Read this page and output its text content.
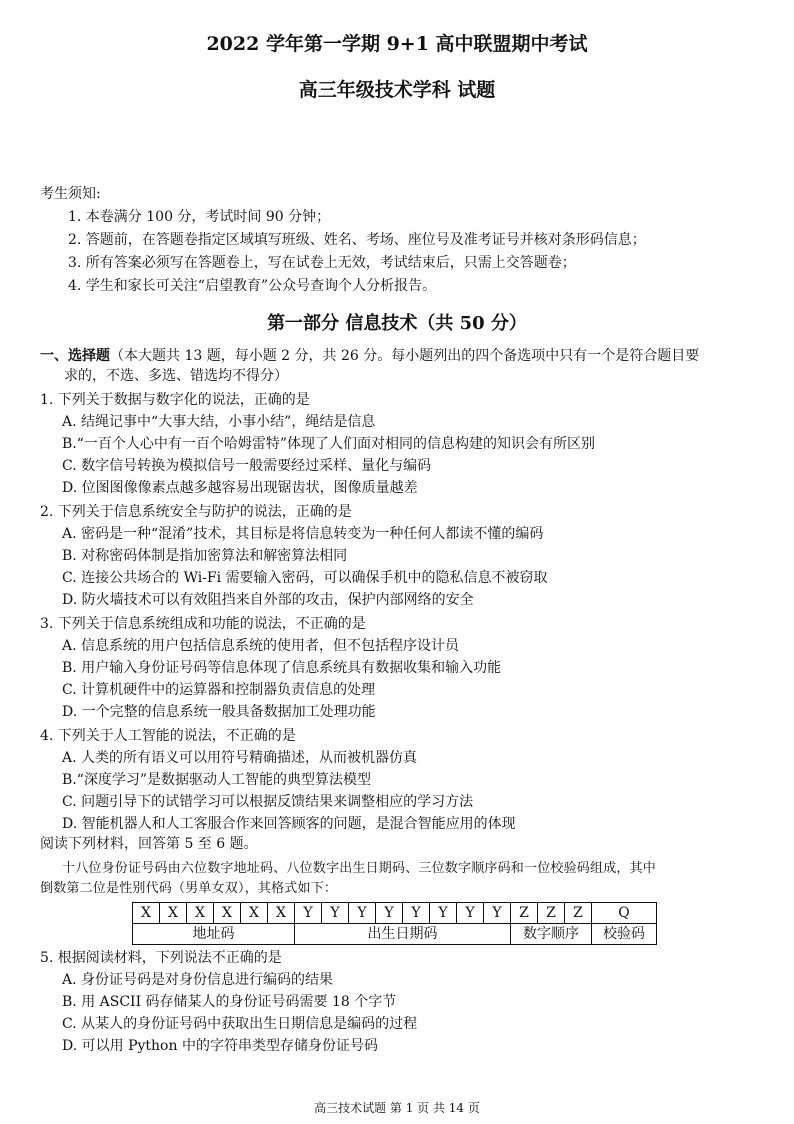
2022 学年第一学期 9+1 高中联盟期中考试
高三年级技术学科 试题

考生须知:

1. 本卷满分 100 分，考试时间 90 分钟；

2. 答题前，在答题卷指定区域填写班级、姓名、考场、座位号及准考证号并核对条形码信息；

3. 所有答案必须写在答题卷上，写在试卷上无效，考试结束后，只需上交答题卷；

4. 学生和家长可关注“启望教育”公众号查询个人分析报告。

第一部分 信息技术（共 50 分）

一、选择题（本大题共 13 题，每小题 2 分，共 26 分。每小题列出的四个备选项中只有一个是符合题目要

求的，不选、多选、错选均不得分）

1. 下列关于数据与数字化的说法，正确的是

A. 结绳记事中“大事大结，小事小结”，绳结是信息

B.“一百个人心中有一百个哈姆雷特”体现了人们面对相同的信息构建的知识会有所区别

C. 数字信号转换为模拟信号一般需要经过采样、量化与编码

D. 位图图像像素点越多越容易出现锯齿状，图像质量越差

2. 下列关于信息系统安全与防护的说法，正确的是

A. 密码是一种“混淆”技术，其目标是将信息转变为一种任何人都读不懂的编码

B. 对称密码体制是指加密算法和解密算法相同

C. 连接公共场合的 Wi-Fi 需要输入密码，可以确保手机中的隐私信息不被窃取

D. 防火墙技术可以有效阻挡来自外部的攻击，保护内部网络的安全

3. 下列关于信息系统组成和功能的说法，不正确的是

A. 信息系统的用户包括信息系统的使用者，但不包括程序设计员

B. 用户输入身份证号码等信息体现了信息系统具有数据收集和输入功能

C. 计算机硬件中的运算器和控制器负责信息的处理

D. 一个完整的信息系统一般具备数据加工处理功能

4. 下列关于人工智能的说法，不正确的是

A. 人类的所有语义可以用符号精确描述，从而被机器仿真

B.“深度学习”是数据驱动人工智能的典型算法模型

C. 问题引导下的试错学习可以根据反馈结果来调整相应的学习方法

D. 智能机器人和人工客服合作来回答顾客的问题，是混合智能应用的体现

阅读下列材料，回答第 5 至 6 题。

十八位身份证号码由六位数字地址码、八位数字出生日期码、三位数字顺序码和一位校验码组成，其中

倒数第二位是性别代码（男单女双），其格式如下：

X	X	X	X	X	X	Y	Y	Y	Y	Y	Y	Y	Y	Z	Z	Z	Q
地址码						出生日期码								数字顺序			校验码

5. 根据阅读材料，下列说法不正确的是

A. 身份证号码是对身份信息进行编码的结果

B. 用 ASCII 码存储某人的身份证号码需要 18 个字节

C. 从某人的身份证号码中获取出生日期信息是编码的过程

D. 可以用 Python 中的字符串类型存储身份证号码

高三技术试题 第 1 页 共 14 页
